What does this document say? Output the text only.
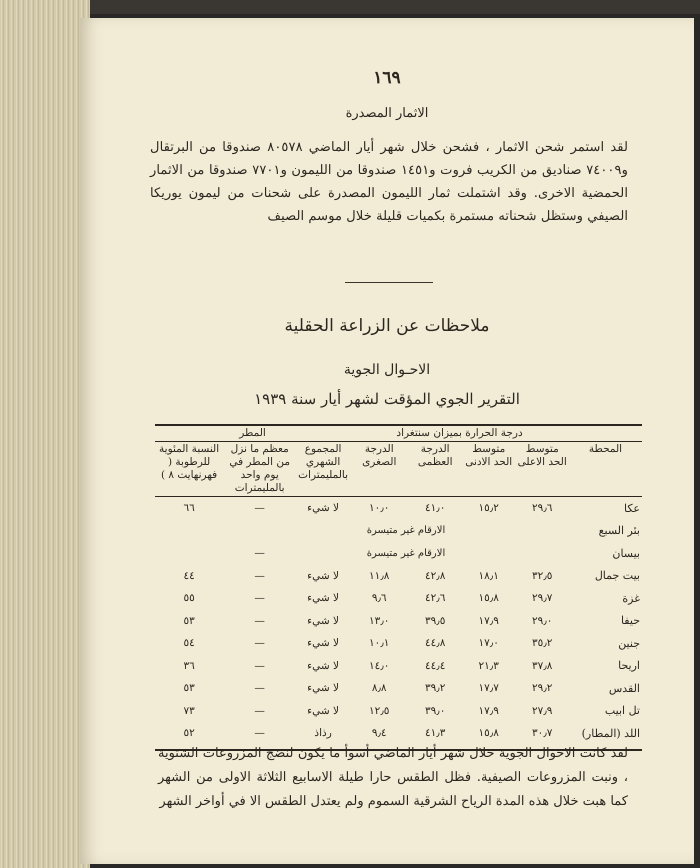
١٦٩
الاثمار المصدرة
لقد استمر شحن الاثمار ، فشحن خلال شهر أيار الماضي ٨٠٥٧٨ صندوقا من البرتقال و٧٤٠٠٩ صناديق من الكريب فروت و١٤٥١ صندوقا من الليمون و٧٧٠١ صندوقا من الاثمار الحمضية الاخرى. وقد اشتملت ثمار الليمون المصدرة على شحنات من ليمون يوريكا الصيفي وستظل شحناته مستمرة بكميات قليلة خلال موسم الصيف
ملاحظات عن الزراعة الحقلية
الاحـوال الجوية
التقرير الجوي المؤقت لشهر أيار سنة ١٩٣٩
	درجة الحرارة بميزان سنتغراد				المطر		
المحطة	متوسط الحد الاعلى	متوسط الحد الادنى	الدرجة العظمى	الدرجة الصغرى	المجموع الشهري بالمليمترات	معظم ما نزل من المطر في يوم واحد بالمليمترات	النسبة المئوية للرطوبة ( فهرنهايت ٨ )
عكا	٢٩٫٦	١٥٫٢	٤١٫٠	١٠٫٠	لا شيء	—	٦٦
بئر السبع			الارقام غير متيسرة				
بيسان			الارقام غير متيسرة			—	
بيت جمال	٣٢٫٥	١٨٫١	٤٢٫٨	١١٫٨	لا شيء	—	٤٤
غزة	٢٩٫٧	١٥٫٨	٤٢٫٦	٩٫٦	لا شيء	—	٥٥
حيفا	٢٩٫٠	١٧٫٩	٣٩٫٥	١٣٫٠	لا شيء	—	٥٣
جنين	٣٥٫٢	١٧٫٠	٤٤٫٨	١٠٫١	لا شيء	—	٥٤
اريحا	٣٧٫٨	٢١٫٣	٤٤٫٤	١٤٫٠	لا شيء	—	٣٦
القدس	٢٩٫٢	١٧٫٧	٣٩٫٢	٨٫٨	لا شيء	—	٥٣
تل ابيب	٢٧٫٩	١٧٫٩	٣٩٫٠	١٢٫٥	لا شيء	—	٧٣
اللد (المطار)	٣٠٫٧	١٥٫٨	٤١٫٣	٩٫٤	رذاذ	—	٥٢
لقد كانت الاحوال الجوية خلال شهر أيار الماضي أسوأ ما يكون لنضج المزروعات الشتوية ، ونبت المزروعات الصيفية. فظل الطقس حارا طيلة الاسابيع الثلاثة الاولى من الشهر كما هبت خلال هذه المدة الرياح الشرقية السموم ولم يعتدل الطقس الا في أواخر الشهر
